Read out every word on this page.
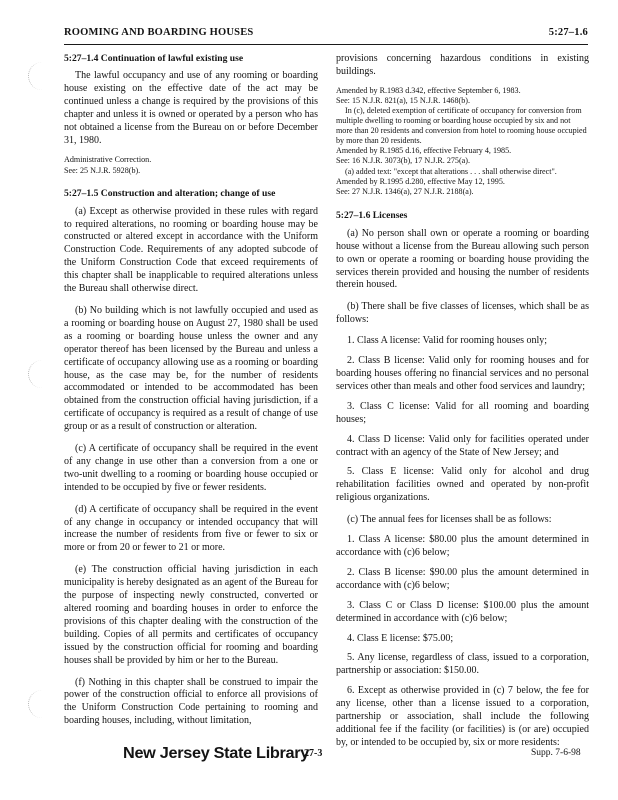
ROOMING AND BOARDING HOUSES	5:27–1.6

5:27–1.4 Continuation of lawful existing use

The lawful occupancy and use of any rooming or boarding house existing on the effective date of the act may be continued unless a change is required by the provisions of this chapter and unless it is owned or operated by a person who has not obtained a license from the Bureau on or before December 31, 1980.

Administrative Correction.

See: 25 N.J.R. 5928(b).

5:27–1.5 Construction and alteration; change of use

(a) Except as otherwise provided in these rules with regard to required alterations, no rooming or boarding house may be constructed or altered except in accordance with the Uniform Construction Code. Requirements of any adopted subcode of the Uniform Construction Code that exceed requirements of this chapter shall be inapplicable to required alterations unless the Bureau shall otherwise direct.

(b) No building which is not lawfully occupied and used as a rooming or boarding house on August 27, 1980 shall be used as a rooming or boarding house unless the owner and any operator thereof has been licensed by the Bureau and unless a certificate of occupancy allowing use as a rooming or boarding house, as the case may be, for the number of residents accommodated or intended to be accommodated has been obtained from the construction official having jurisdiction, if a certificate of occupancy is required as a result of change of use group or as a result of construction or alteration.

(c) A certificate of occupancy shall be required in the event of any change in use other than a conversion from a one or two-unit dwelling to a rooming or boarding house occupied or intended to be occupied by five or fewer residents.

(d) A certificate of occupancy shall be required in the event of any change in occupancy or intended occupancy that will increase the number of residents from five or fewer to six or more or from 20 or fewer to 21 or more.

(e) The construction official having jurisdiction in each municipality is hereby designated as an agent of the Bureau for the purpose of inspecting newly constructed, converted or altered rooming and boarding houses in order to enforce the provisions of this chapter dealing with the construction of the building. Copies of all permits and certificates of occupancy issued by the construction official for rooming and boarding houses shall be provided by him or her to the Bureau.

(f) Nothing in this chapter shall be construed to impair the power of the construction official to enforce all provisions of the Uniform Construction Code pertaining to rooming and boarding houses, including, without limitation,

provisions concerning hazardous conditions in existing buildings.

Amended by R.1983 d.342, effective September 6, 1983.

See: 15 N.J.R. 821(a), 15 N.J.R. 1468(b).

In (c), deleted exemption of certificate of occupancy for conversion from multiple dwelling to rooming or boarding house occupied by six and not more than 20 residents and conversion from hotel to rooming house occupied by more than 20 residents.

Amended by R.1985 d.16, effective February 4, 1985.

See: 16 N.J.R. 3073(b), 17 N.J.R. 275(a).

(a) added text: "except that alterations . . . shall otherwise direct".

Amended by R.1995 d.280, effective May 12, 1995.

See: 27 N.J.R. 1346(a), 27 N.J.R. 2188(a).

5:27–1.6 Licenses

(a) No person shall own or operate a rooming or boarding house without a license from the Bureau allowing such person to own or operate a rooming or boarding house providing the services therein provided and housing the number of residents therein housed.

(b) There shall be five classes of licenses, which shall be as follows:

1. Class A license: Valid for rooming houses only;

2. Class B license: Valid only for rooming houses and for boarding houses offering no financial services and no personal services other than meals and other food services and laundry;

3. Class C license: Valid for all rooming and boarding houses;

4. Class D license: Valid only for facilities operated under contract with an agency of the State of New Jersey; and

5. Class E license: Valid only for alcohol and drug rehabilitation facilities owned and operated by non-profit religious organizations.

(c) The annual fees for licenses shall be as follows:

1. Class A license: $80.00 plus the amount determined in accordance with (c)6 below;

2. Class B license: $90.00 plus the amount determined in accordance with (c)6 below;

3. Class C or Class D license: $100.00 plus the amount determined in accordance with (c)6 below;

4. Class E license: $75.00;

5. Any license, regardless of class, issued to a corporation, partnership or association: $150.00.

6. Except as otherwise provided in (c) 7 below, the fee for any license, other than a license issued to a corporation, partnership or association, shall include the following additional fee if the facility (or facilities) is (or are) occupied by, or intended to be occupied by, six or more residents:

New Jersey State Library
27-3	Supp. 7-6-98
